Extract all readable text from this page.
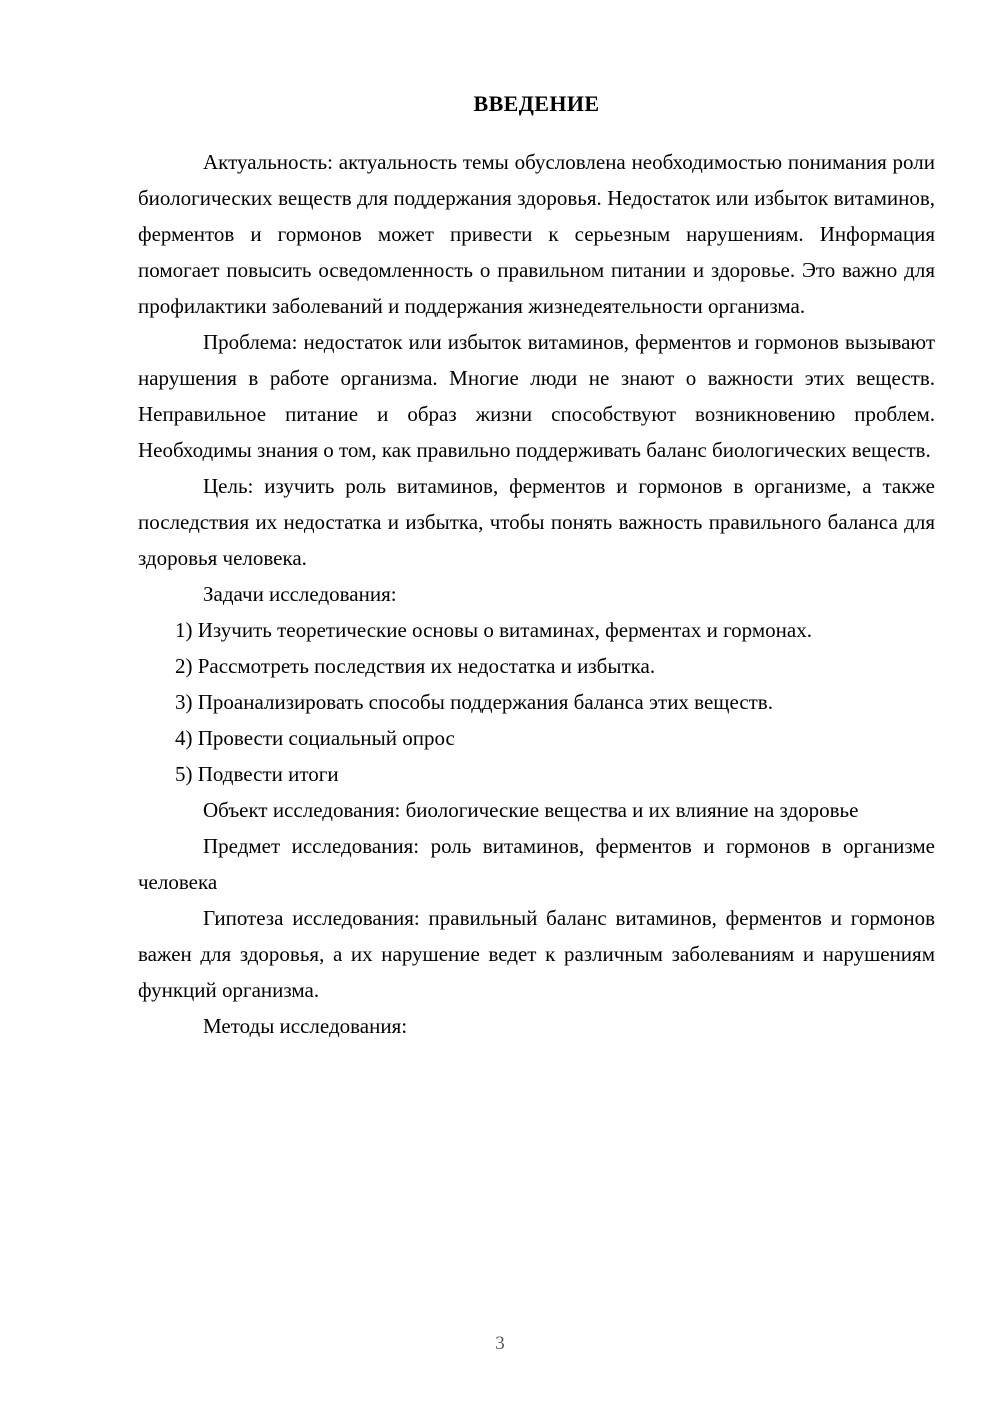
ВВЕДЕНИЕ

Актуальность: актуальность темы обусловлена необходимостью понимания роли биологических веществ для поддержания здоровья. Недостаток или избыток витаминов, ферментов и гормонов может привести к серьезным нарушениям. Информация помогает повысить осведомленность о правильном питании и здоровье. Это важно для профилактики заболеваний и поддержания жизнедеятельности организма.

Проблема: недостаток или избыток витаминов, ферментов и гормонов вызывают нарушения в работе организма. Многие люди не знают о важности этих веществ. Неправильное питание и образ жизни способствуют возникновению проблем. Необходимы знания о том, как правильно поддерживать баланс биологических веществ.

Цель: изучить роль витаминов, ферментов и гормонов в организме, а также последствия их недостатка и избытка, чтобы понять важность правильного баланса для здоровья человека.

Задачи исследования:

1) Изучить теоретические основы о витаминах, ферментах и гормонах.
2) Рассмотреть последствия их недостатка и избытка.
3) Проанализировать способы поддержания баланса этих веществ.
4) Провести социальный опрос
5) Подвести итоги

Объект исследования: биологические вещества и их влияние на здоровье

Предмет исследования: роль витаминов, ферментов и гормонов в организме человека

Гипотеза исследования: правильный баланс витаминов, ферментов и гормонов важен для здоровья, а их нарушение ведет к различным заболеваниям и нарушениям функций организма.

Методы исследования:

3
